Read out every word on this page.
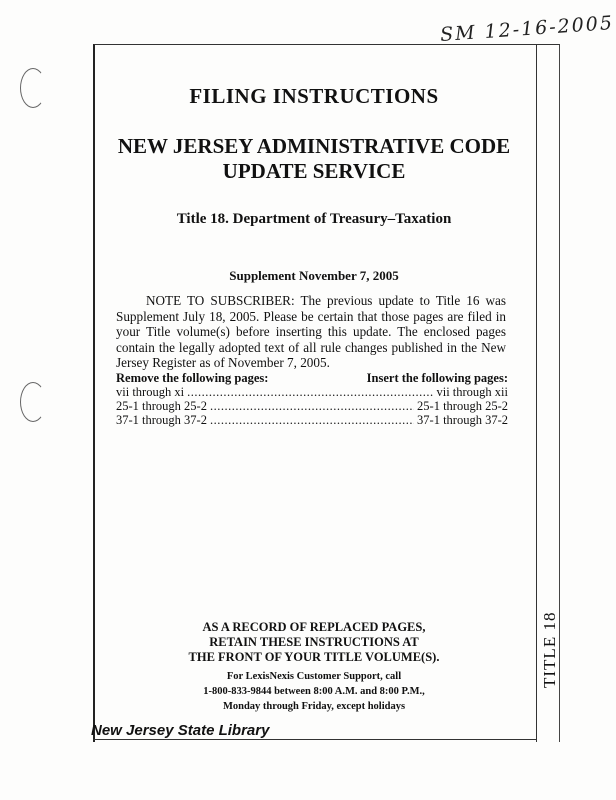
SM 12-16-2005
TITLE 18
FILING INSTRUCTIONS
NEW JERSEY ADMINISTRATIVE CODE
UPDATE SERVICE
Title 18. Department of Treasury–Taxation
Supplement November 7, 2005
NOTE TO SUBSCRIBER: The previous update to Title 16 was Supplement July 18, 2005. Please be certain that those pages are filed in your Title volume(s) before inserting this update. The enclosed pages contain the legally adopted text of all rule changes published in the New Jersey Register as of November 7, 2005.
Remove the following pages:	Insert the following pages:
vii through xi .....	vii through xii
25-1 through 25-2 .....	25-1 through 25-2
37-1 through 37-2 .....	37-1 through 37-2
AS A RECORD OF REPLACED PAGES,
RETAIN THESE INSTRUCTIONS AT
THE FRONT OF YOUR TITLE VOLUME(S).
For LexisNexis Customer Support, call
1-800-833-9844 between 8:00 A.M. and 8:00 P.M.,
Monday through Friday, except holidays
New Jersey State Library
